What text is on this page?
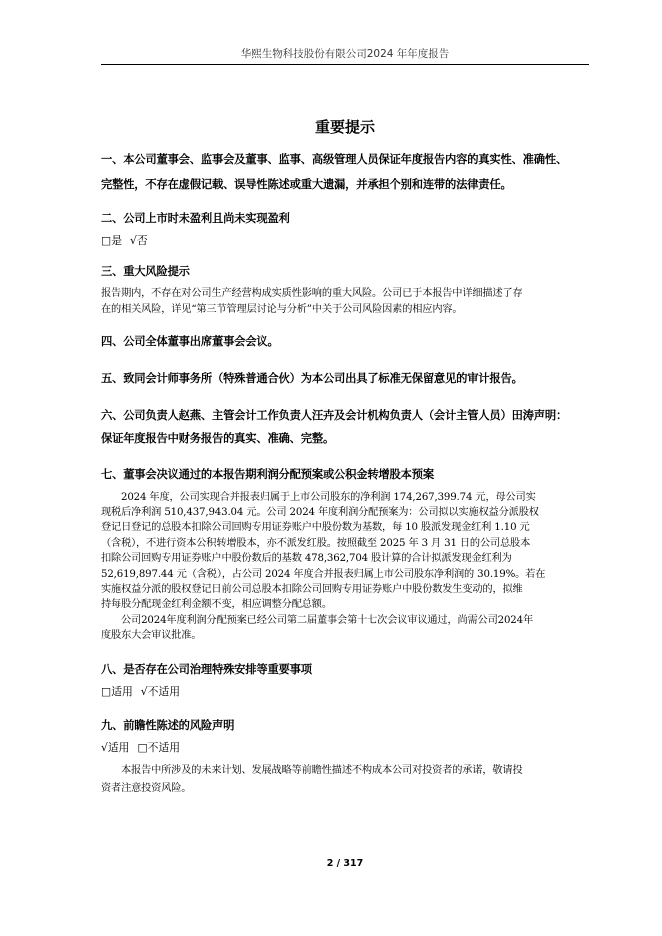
华熙生物科技股份有限公司2024 年年度报告
重要提示
一、本公司董事会、监事会及董事、监事、高级管理人员保证年度报告内容的真实性、准确性、
完整性，不存在虚假记载、误导性陈述或重大遗漏，并承担个别和连带的法律责任。
二、公司上市时未盈利且尚未实现盈利
□是 √否
三、重大风险提示
报告期内，不存在对公司生产经营构成实质性影响的重大风险。公司已于本报告中详细描述了存
在的相关风险，详见“第三节管理层讨论与分析”中关于公司风险因素的相应内容。
四、公司全体董事出席董事会会议。
五、致同会计师事务所（特殊普通合伙）为本公司出具了标准无保留意见的审计报告。
六、公司负责人赵燕、主管会计工作负责人汪卉及会计机构负责人（会计主管人员）田涛声明：
保证年度报告中财务报告的真实、准确、完整。
七、董事会决议通过的本报告期利润分配预案或公积金转增股本预案
2024 年度，公司实现合并报表归属于上市公司股东的净利润 174,267,399.74 元，母公司实
现税后净利润 510,437,943.04 元。公司 2024 年度利润分配预案为：公司拟以实施权益分派股权
登记日登记的总股本扣除公司回购专用证券账户中股份数为基数，每 10 股派发现金红利 1.10 元
（含税），不进行资本公积转增股本，亦不派发红股。按照截至 2025 年 3 月 31 日的公司总股本
扣除公司回购专用证券账户中股份数后的基数 478,362,704 股计算的合计拟派发现金红利为
52,619,897.44 元（含税），占公司 2024 年度合并报表归属上市公司股东净利润的 30.19%。若在
实施权益分派的股权登记日前公司总股本扣除公司回购专用证券账户中股份数发生变动的，拟维
持每股分配现金红利金额不变，相应调整分配总额。
公司2024年度利润分配预案已经公司第二届董事会第十七次会议审议通过，尚需公司2024年
度股东大会审议批准。
八、是否存在公司治理特殊安排等重要事项
□适用 √不适用
九、前瞻性陈述的风险声明
√适用 □不适用
本报告中所涉及的未来计划、发展战略等前瞻性描述不构成本公司对投资者的承诺，敬请投
资者注意投资风险。
2 / 317
